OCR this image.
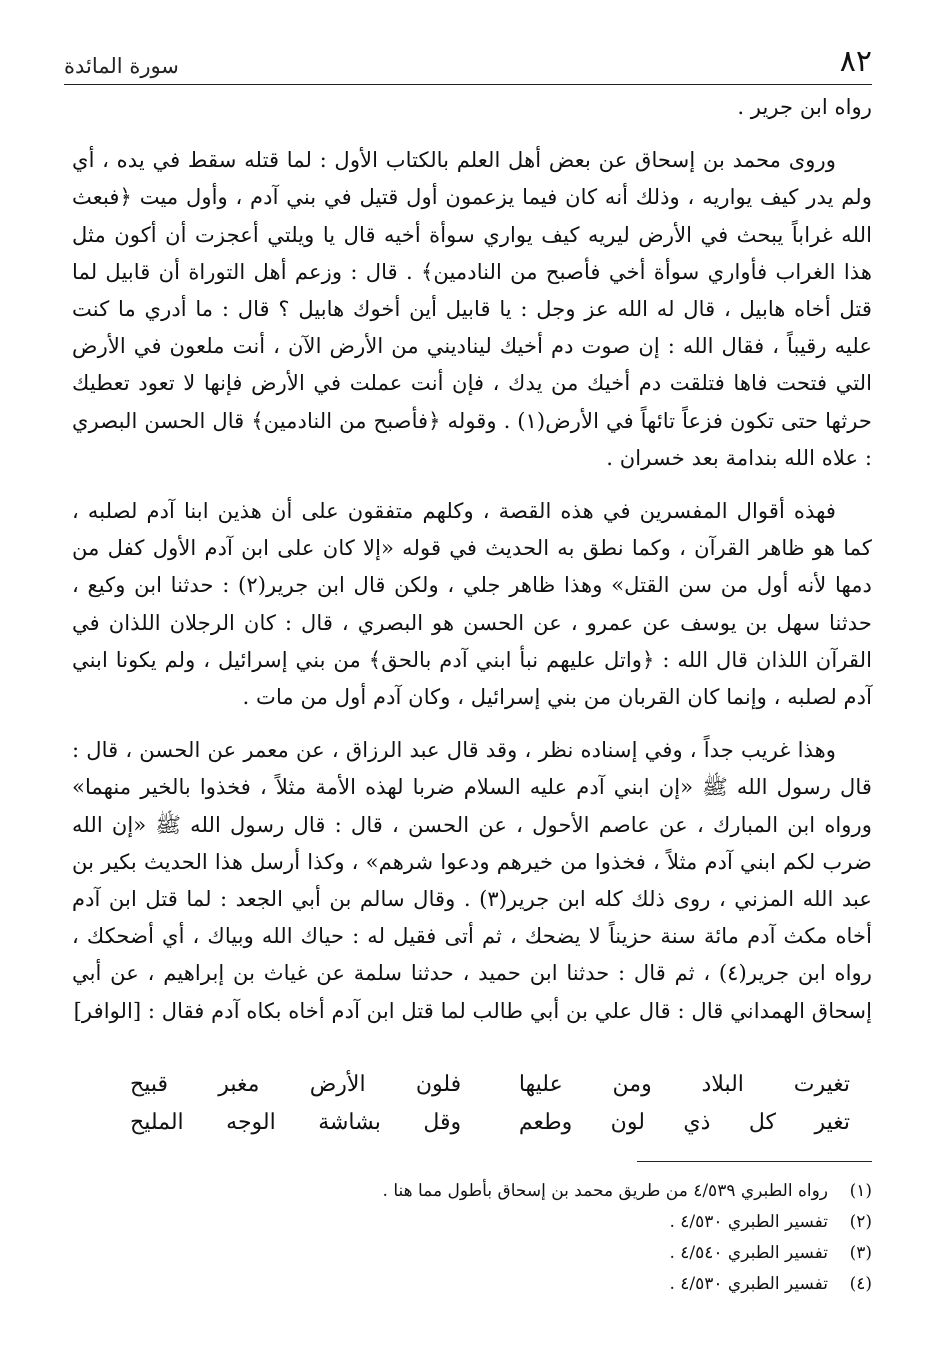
٨٢
سورة المائدة

رواه ابن جرير .

وروى محمد بن إسحاق عن بعض أهل العلم بالكتاب الأول : لما قتله سقط في يده ، أي ولم يدر كيف يواريه ، وذلك أنه كان فيما يزعمون أول قتيل في بني آدم ، وأول ميت ﴿فبعث الله غراباً يبحث في الأرض ليريه كيف يواري سوأة أخيه قال يا ويلتي أعجزت أن أكون مثل هذا الغراب فأواري سوأة أخي فأصبح من النادمين﴾ . قال : وزعم أهل التوراة أن قابيل لما قتل أخاه هابيل ، قال له الله عز وجل : يا قابيل أين أخوك هابيل ؟ قال : ما أدري ما كنت عليه رقيباً ، فقال الله : إن صوت دم أخيك ليناديني من الأرض الآن ، أنت ملعون في الأرض التي فتحت فاها فتلقت دم أخيك من يدك ، فإن أنت عملت في الأرض فإنها لا تعود تعطيك حرثها حتى تكون فزعاً تائهاً في الأرض(١) . وقوله ﴿فأصبح من النادمين﴾ قال الحسن البصري : علاه الله بندامة بعد خسران .

فهذه أقوال المفسرين في هذه القصة ، وكلهم متفقون على أن هذين ابنا آدم لصلبه ، كما هو ظاهر القرآن ، وكما نطق به الحديث في قوله «إلا كان على ابن آدم الأول كفل من دمها لأنه أول من سن القتل» وهذا ظاهر جلي ، ولكن قال ابن جرير(٢) : حدثنا ابن وكيع ، حدثنا سهل بن يوسف عن عمرو ، عن الحسن هو البصري ، قال : كان الرجلان اللذان في القرآن اللذان قال الله : ﴿واتل عليهم نبأ ابني آدم بالحق﴾ من بني إسرائيل ، ولم يكونا ابني آدم لصلبه ، وإنما كان القربان من بني إسرائيل ، وكان آدم أول من مات .

وهذا غريب جداً ، وفي إسناده نظر ، وقد قال عبد الرزاق ، عن معمر عن الحسن ، قال : قال رسول الله ﷺ «إن ابني آدم عليه السلام ضربا لهذه الأمة مثلاً ، فخذوا بالخير منهما» ورواه ابن المبارك ، عن عاصم الأحول ، عن الحسن ، قال : قال رسول الله ﷺ «إن الله ضرب لكم ابني آدم مثلاً ، فخذوا من خيرهم ودعوا شرهم» ، وكذا أرسل هذا الحديث بكير بن عبد الله المزني ، روى ذلك كله ابن جرير(٣) . وقال سالم بن أبي الجعد : لما قتل ابن آدم أخاه مكث آدم مائة سنة حزيناً لا يضحك ، ثم أتى فقيل له : حياك الله وبياك ، أي أضحكك ، رواه ابن جرير(٤) ، ثم قال : حدثنا ابن حميد ، حدثنا سلمة عن غياث بن إبراهيم ، عن أبي إسحاق الهمداني قال : قال علي بن أبي طالب لما قتل ابن آدم أخاه بكاه آدم فقال : [الوافر]

تغيرت البلاد ومن عليها
فلون الأرض مغبر قبيح
تغير كل ذي لون وطعم
وقل بشاشة الوجه المليح
(١)
رواه الطبري ٤/٥٣٩ من طريق محمد بن إسحاق بأطول مما هنا .
(٢)
تفسير الطبري ٤/٥٣٠ .
(٣)
تفسير الطبري ٤/٥٤٠ .
(٤)
تفسير الطبري ٤/٥٣٠ .
